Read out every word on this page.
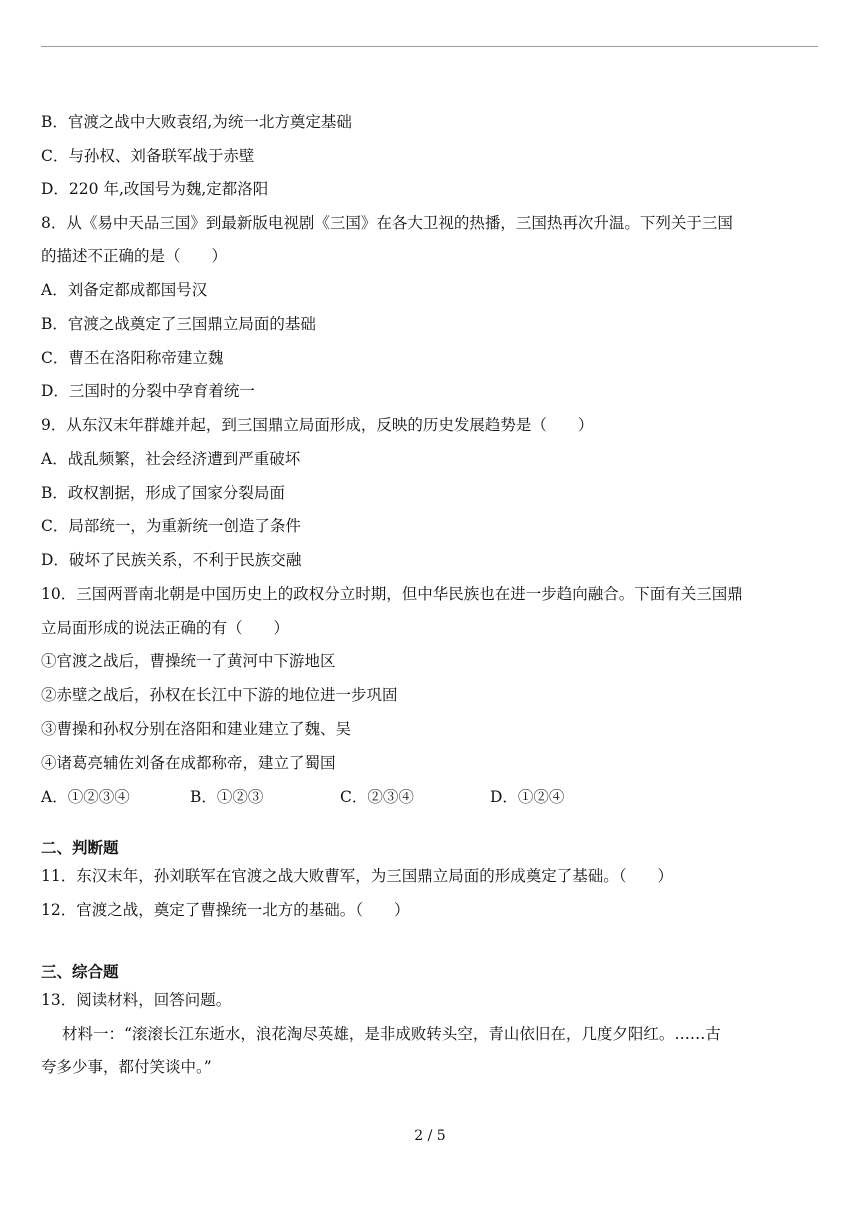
B．官渡之战中大败袁绍,为统一北方奠定基础
C．与孙权、刘备联军战于赤壁
D．220 年,改国号为魏,定都洛阳
8．从《易中天品三国》到最新版电视剧《三国》在各大卫视的热播，三国热再次升温。下列关于三国
的描述不正确的是（　　）
A．刘备定都成都国号汉
B．官渡之战奠定了三国鼎立局面的基础
C．曹丕在洛阳称帝建立魏
D．三国时的分裂中孕育着统一
9．从东汉末年群雄并起，到三国鼎立局面形成，反映的历史发展趋势是（　　）
A．战乱频繁，社会经济遭到严重破坏
B．政权割据，形成了国家分裂局面
C．局部统一，为重新统一创造了条件
D．破坏了民族关系，不利于民族交融
10．三国两晋南北朝是中国历史上的政权分立时期，但中华民族也在进一步趋向融合。下面有关三国鼎
立局面形成的说法正确的有（　　）
①官渡之战后，曹操统一了黄河中下游地区
②赤壁之战后，孙权在长江中下游的地位进一步巩固
③曹操和孙权分别在洛阳和建业建立了魏、吴
④诸葛亮辅佐刘备在成都称帝，建立了蜀国
A．①②③④	B．①②③	C．②③④	D．①②④
二、判断题
11．东汉末年，孙刘联军在官渡之战大败曹军，为三国鼎立局面的形成奠定了基础。（　　）
12．官渡之战，奠定了曹操统一北方的基础。（　　）
三、综合题
13．阅读材料，回答问题。
材料一：“滚滚长江东逝水，浪花淘尽英雄，是非成败转头空，青山依旧在，几度夕阳红。……古
夸多少事，都付笑谈中。”
2 / 5
